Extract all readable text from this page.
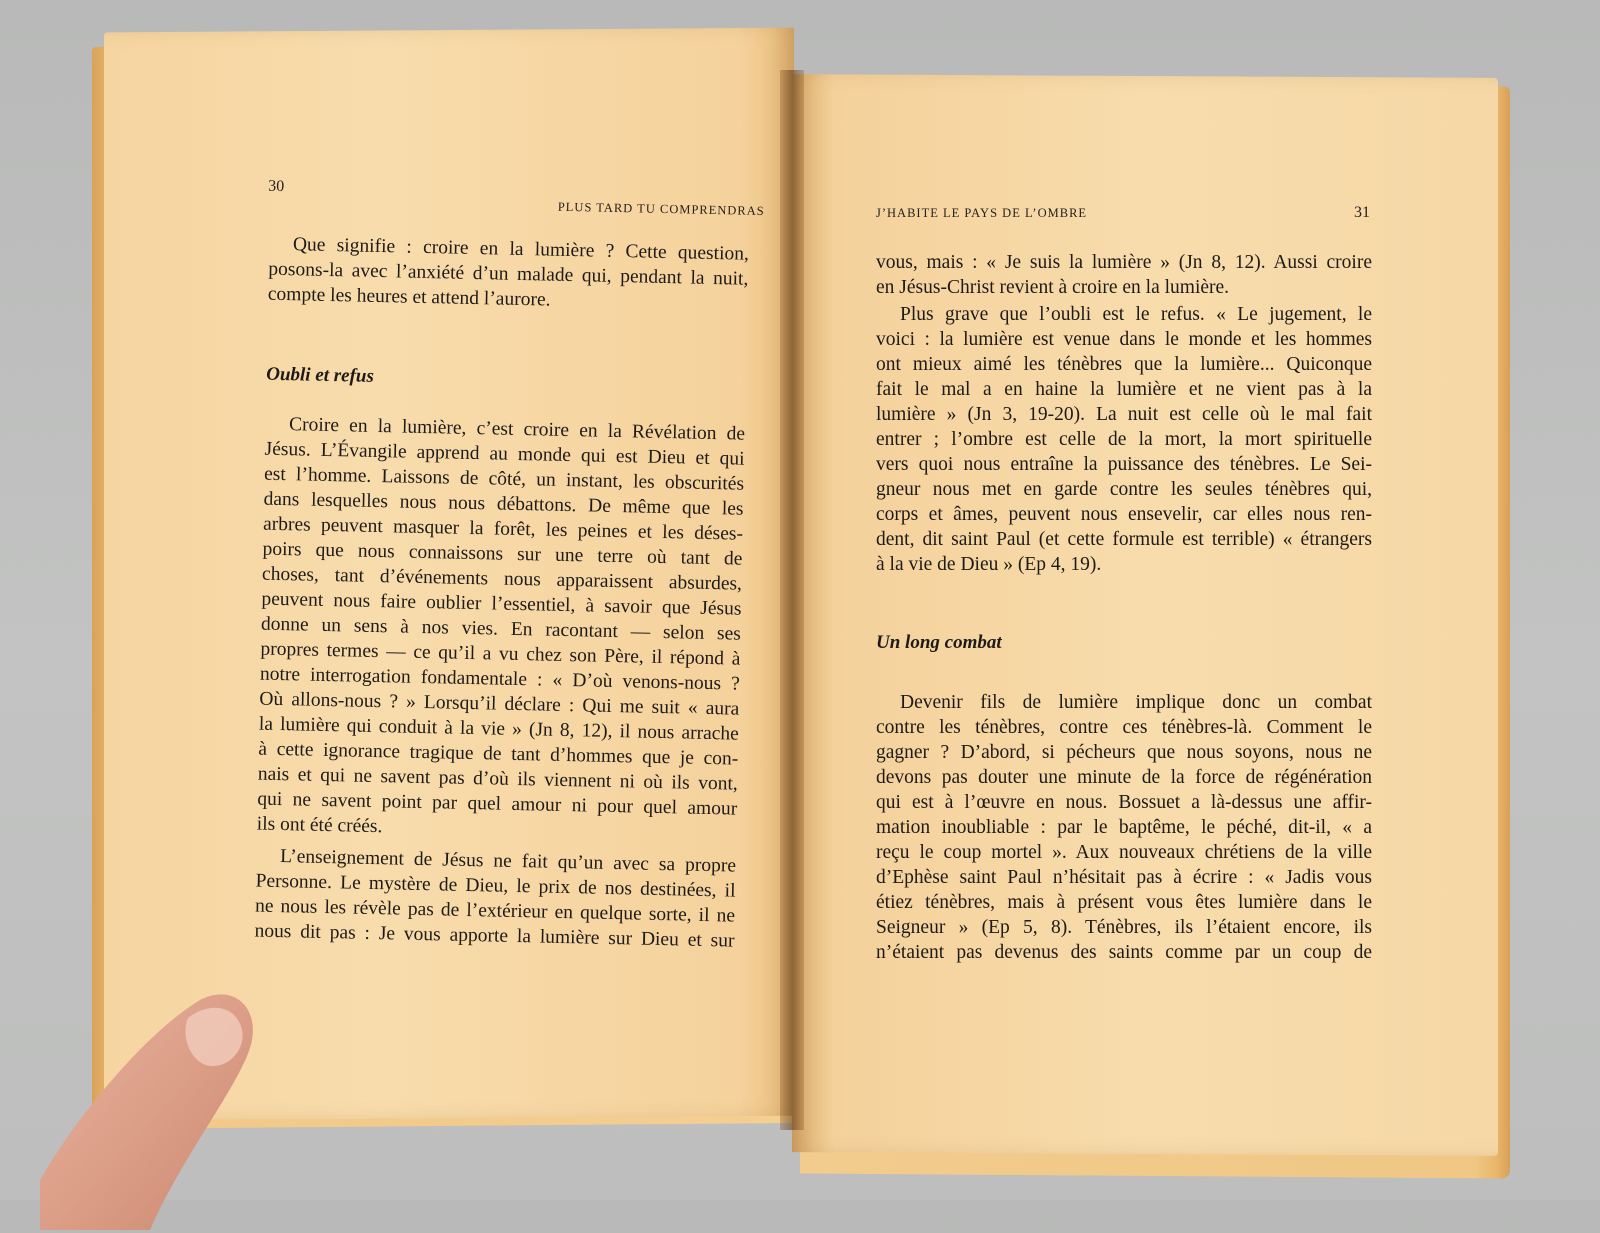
30
PLUS TARD TU COMPRENDRAS
Que signifie : croire en la lumière ? Cette question,
posons-la avec l’anxiété d’un malade qui, pendant la nuit,
compte les heures et attend l’aurore.
Oubli et refus
Croire en la lumière, c’est croire en la Révélation de
Jésus. L’Évangile apprend au monde qui est Dieu et qui
est l’homme. Laissons de côté, un instant, les obscurités
dans lesquelles nous nous débattons. De même que les
arbres peuvent masquer la forêt, les peines et les déses-
poirs que nous connaissons sur une terre où tant de
choses, tant d’événements nous apparaissent absurdes,
peuvent nous faire oublier l’essentiel, à savoir que Jésus
donne un sens à nos vies. En racontant — selon ses
propres termes — ce qu’il a vu chez son Père, il répond à
notre interrogation fondamentale : « D’où venons-nous ?
Où allons-nous ? » Lorsqu’il déclare : Qui me suit « aura
la lumière qui conduit à la vie » (Jn 8, 12), il nous arrache
à cette ignorance tragique de tant d’hommes que je con-
nais et qui ne savent pas d’où ils viennent ni où ils vont,
qui ne savent point par quel amour ni pour quel amour
ils ont été créés.
L’enseignement de Jésus ne fait qu’un avec sa propre
Personne. Le mystère de Dieu, le prix de nos destinées, il
ne nous les révèle pas de l’extérieur en quelque sorte, il ne
nous dit pas : Je vous apporte la lumière sur Dieu et sur
J’HABITE LE PAYS DE L’OMBRE	31
vous, mais : « Je suis la lumière » (Jn 8, 12). Aussi croire
en Jésus-Christ revient à croire en la lumière.
Plus grave que l’oubli est le refus. « Le jugement, le
voici : la lumière est venue dans le monde et les hommes
ont mieux aimé les ténèbres que la lumière... Quiconque
fait le mal a en haine la lumière et ne vient pas à la
lumière » (Jn 3, 19-20). La nuit est celle où le mal fait
entrer ; l’ombre est celle de la mort, la mort spirituelle
vers quoi nous entraîne la puissance des ténèbres. Le Sei-
gneur nous met en garde contre les seules ténèbres qui,
corps et âmes, peuvent nous ensevelir, car elles nous ren-
dent, dit saint Paul (et cette formule est terrible) « étrangers
à la vie de Dieu » (Ep 4, 19).
Un long combat
Devenir fils de lumière implique donc un combat
contre les ténèbres, contre ces ténèbres-là. Comment le
gagner ? D’abord, si pécheurs que nous soyons, nous ne
devons pas douter une minute de la force de régénération
qui est à l’œuvre en nous. Bossuet a là-dessus une affir-
mation inoubliable : par le baptême, le péché, dit-il, « a
reçu le coup mortel ». Aux nouveaux chrétiens de la ville
d’Ephèse saint Paul n’hésitait pas à écrire : « Jadis vous
étiez ténèbres, mais à présent vous êtes lumière dans le
Seigneur » (Ep 5, 8). Ténèbres, ils l’étaient encore, ils
n’étaient pas devenus des saints comme par un coup de
